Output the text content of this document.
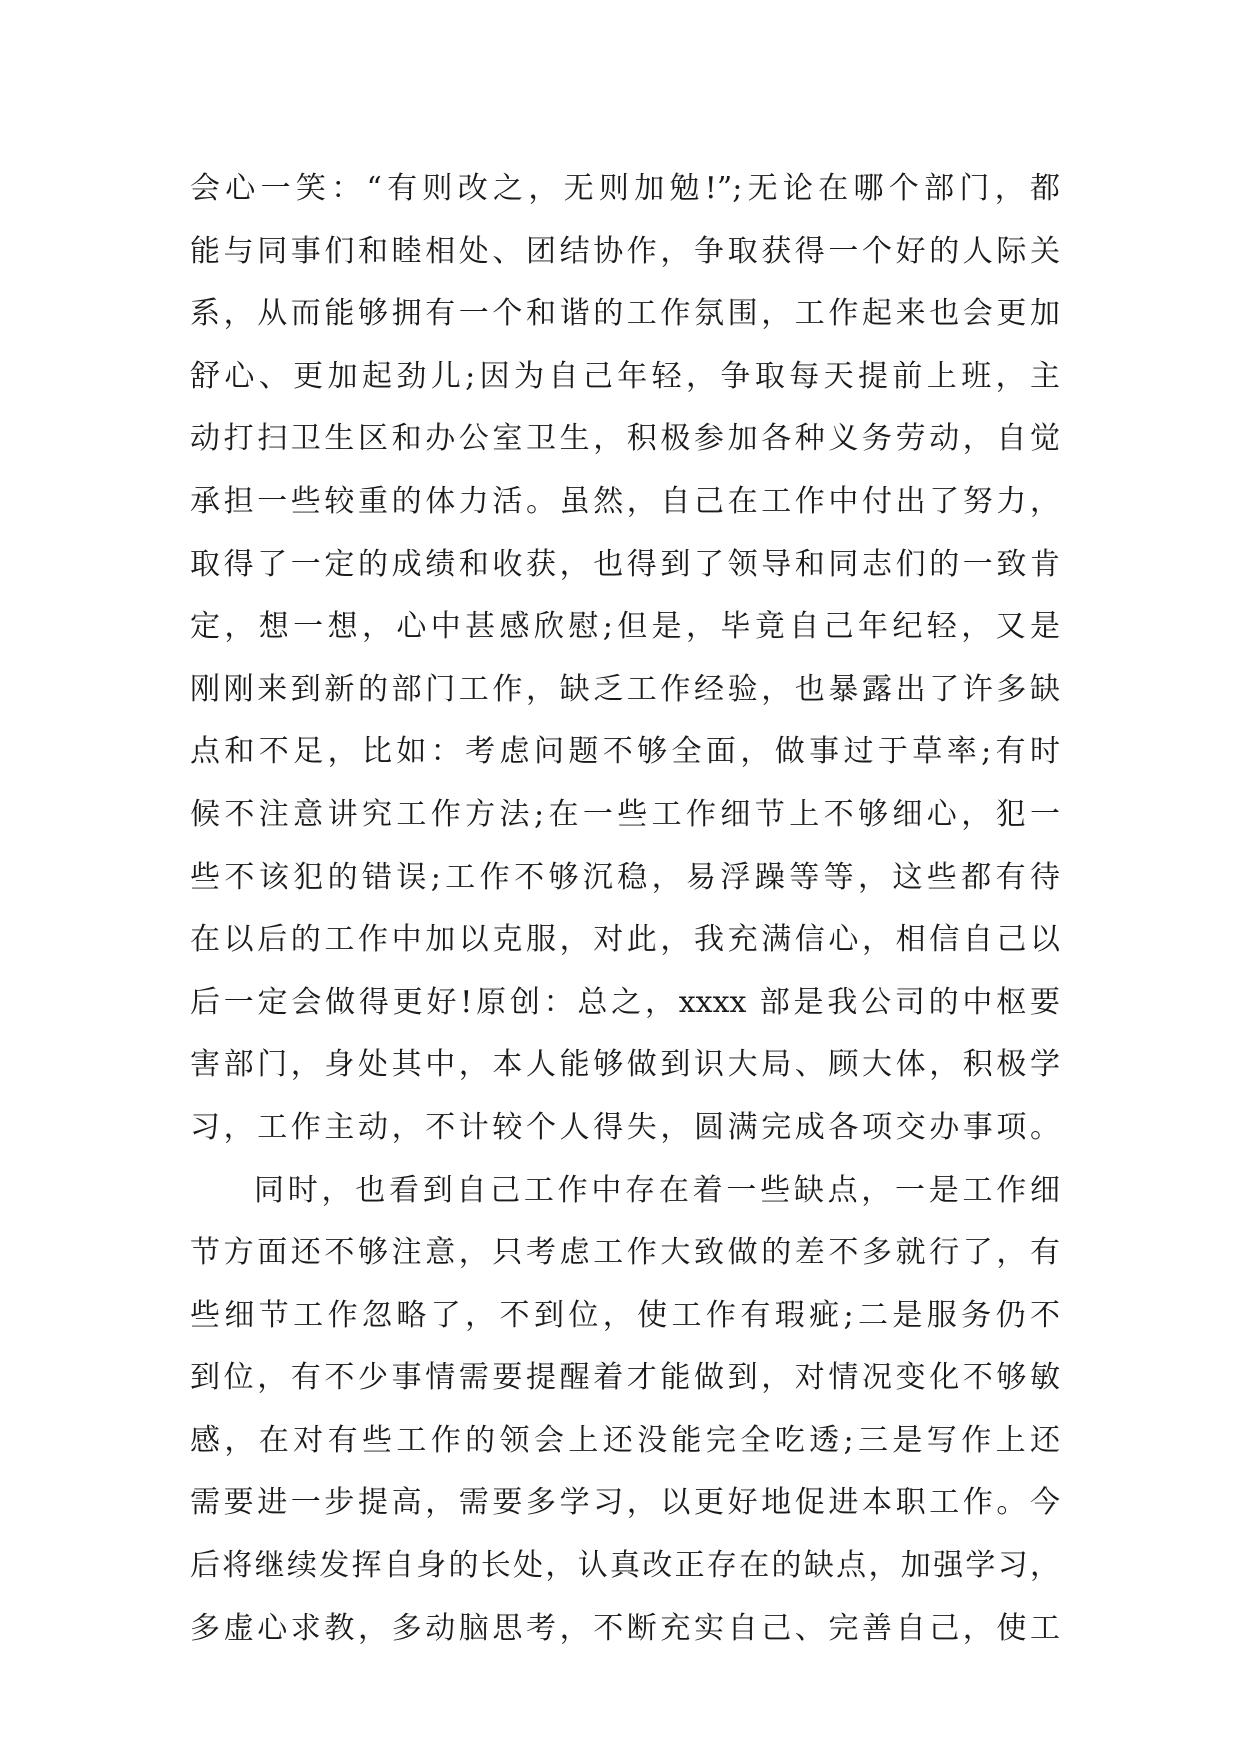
会心一笑：“有则改之，无则加勉!”;无论在哪个部门，都
能与同事们和睦相处、团结协作，争取获得一个好的人际关
系，从而能够拥有一个和谐的工作氛围，工作起来也会更加
舒心、更加起劲儿;因为自己年轻，争取每天提前上班，主
动打扫卫生区和办公室卫生，积极参加各种义务劳动，自觉
承担一些较重的体力活。虽然，自己在工作中付出了努力，
取得了一定的成绩和收获，也得到了领导和同志们的一致肯
定，想一想，心中甚感欣慰;但是，毕竟自己年纪轻，又是
刚刚来到新的部门工作，缺乏工作经验，也暴露出了许多缺
点和不足，比如：考虑问题不够全面，做事过于草率;有时
候不注意讲究工作方法;在一些工作细节上不够细心，犯一
些不该犯的错误;工作不够沉稳，易浮躁等等，这些都有待
在以后的工作中加以克服，对此，我充满信心，相信自己以
后一定会做得更好!原创：总之，xxxx 部是我公司的中枢要
害部门，身处其中，本人能够做到识大局、顾大体，积极学
习，工作主动，不计较个人得失，圆满完成各项交办事项。
同时，也看到自己工作中存在着一些缺点，一是工作细
节方面还不够注意，只考虑工作大致做的差不多就行了，有
些细节工作忽略了，不到位，使工作有瑕疵;二是服务仍不
到位，有不少事情需要提醒着才能做到，对情况变化不够敏
感，在对有些工作的领会上还没能完全吃透;三是写作上还
需要进一步提高，需要多学习，以更好地促进本职工作。今
后将继续发挥自身的长处，认真改正存在的缺点，加强学习，
多虚心求教，多动脑思考，不断充实自己、完善自己，使工
